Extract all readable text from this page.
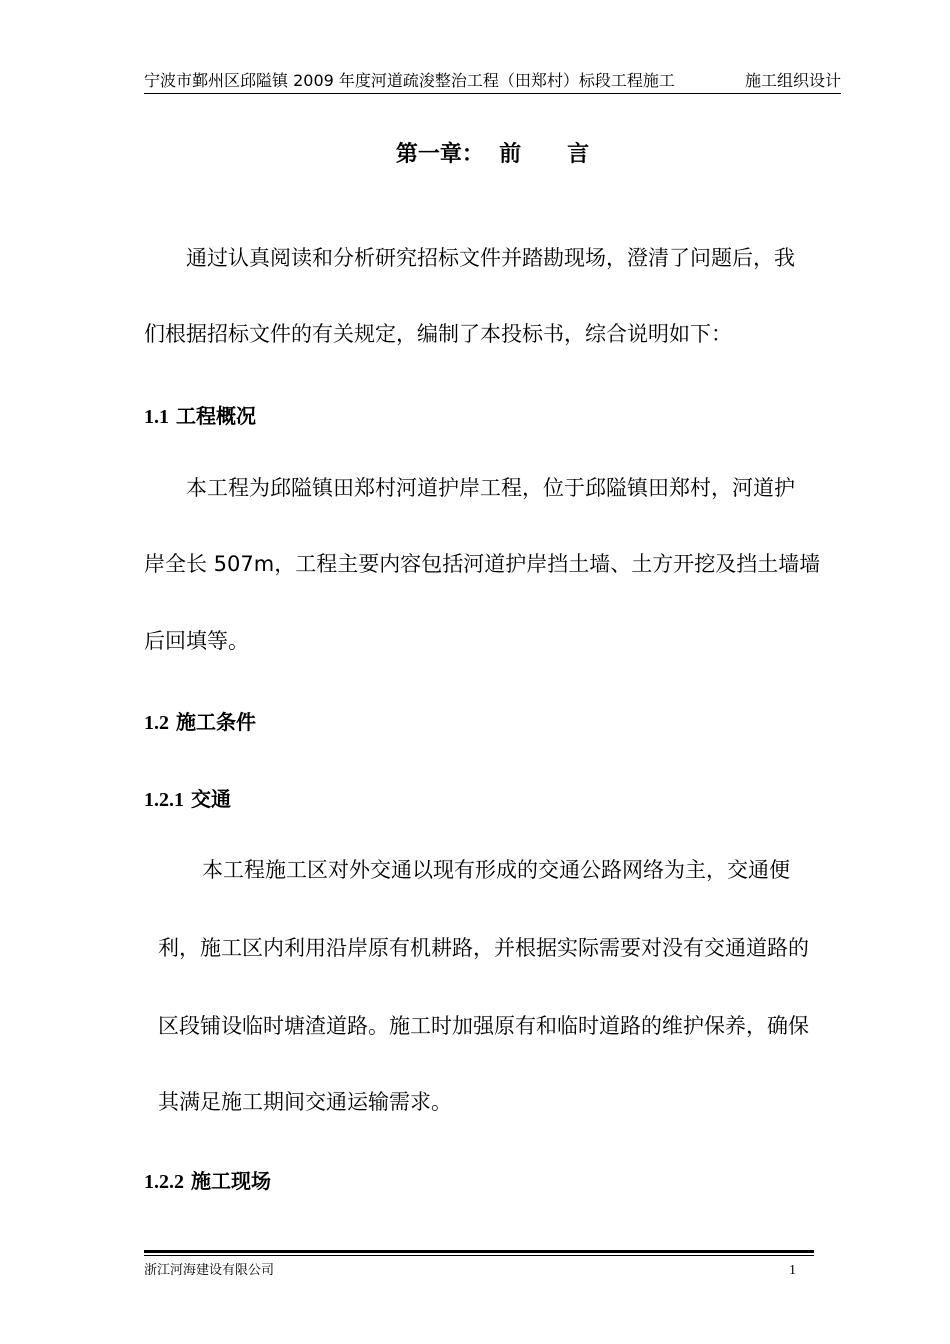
宁波市鄞州区邱隘镇 2009 年度河道疏浚整治工程（田郑村）标段工程施工	施工组织设计
第一章：  前      言
通过认真阅读和分析研究招标文件并踏勘现场，澄清了问题后，我
们根据招标文件的有关规定，编制了本投标书，综合说明如下：
1.1 工程概况
本工程为邱隘镇田郑村河道护岸工程，位于邱隘镇田郑村，河道护
岸全长 507m，工程主要内容包括河道护岸挡土墙、土方开挖及挡土墙墙
后回填等。
1.2 施工条件
1.2.1 交通
本工程施工区对外交通以现有形成的交通公路网络为主，交通便
利，施工区内利用沿岸原有机耕路，并根据实际需要对没有交通道路的
区段铺设临时塘渣道路。施工时加强原有和临时道路的维护保养，确保
其满足施工期间交通运输需求。
1.2.2 施工现场
浙江河海建设有限公司	1
